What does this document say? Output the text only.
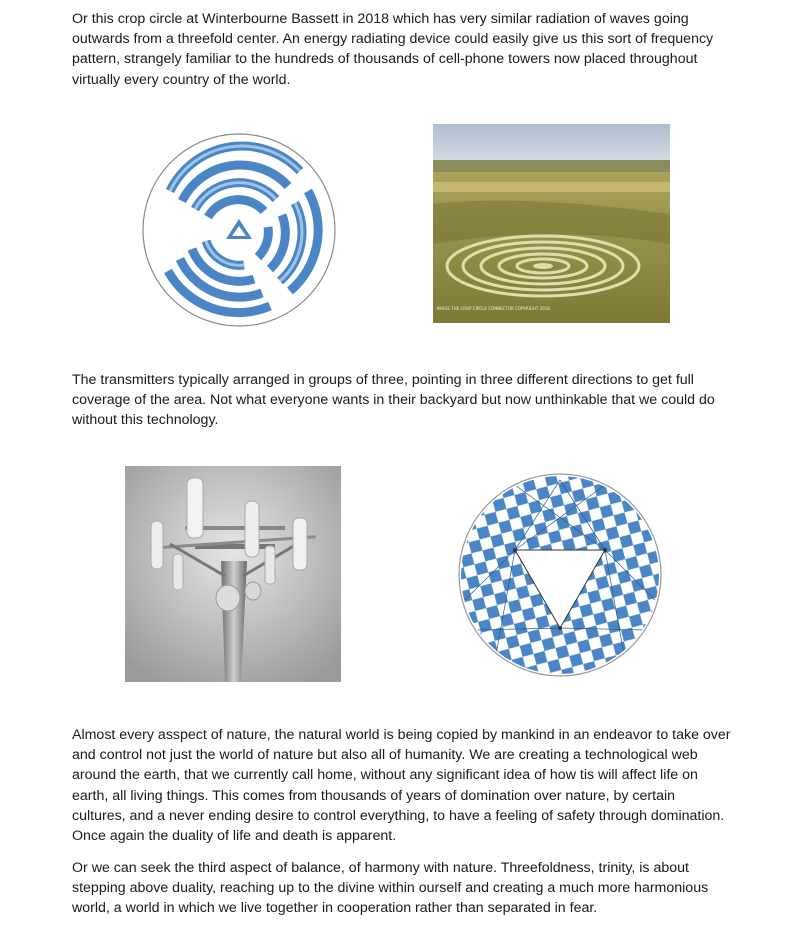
Or this crop circle at Winterbourne Bassett in 2018 which has very similar radiation of waves going outwards from a threefold center. An energy radiating device could easily give us this sort of frequency pattern, strangely familiar to the hundreds of thousands of cell-phone towers now placed throughout virtually every country of the world.

IMAGE THE CROP CIRCLE CONNECTOR COPYRIGHT 2018

The transmitters typically arranged in groups of three, pointing in three different directions to get full coverage of the area. Not what everyone wants in their backyard but now unthinkable that we could do without this technology.

Almost every asspect of nature, the natural world is being copied by mankind in an endeavor to take over and control not just the world of nature but also all of humanity. We are creating a technological web around the earth, that we currently call home, without any significant idea of how tis will affect life on earth, all living things. This comes from thousands of years of domination over nature, by certain cultures, and a never ending desire to control everything, to have a feeling of safety through domination. Once again the duality of life and death is apparent.

Or we can seek the third aspect of balance, of harmony with nature. Threefoldness, trinity, is about stepping above duality, reaching up to the divine within ourself and creating a much more harmonious world, a world in which we live together in cooperation rather than separated in fear.
